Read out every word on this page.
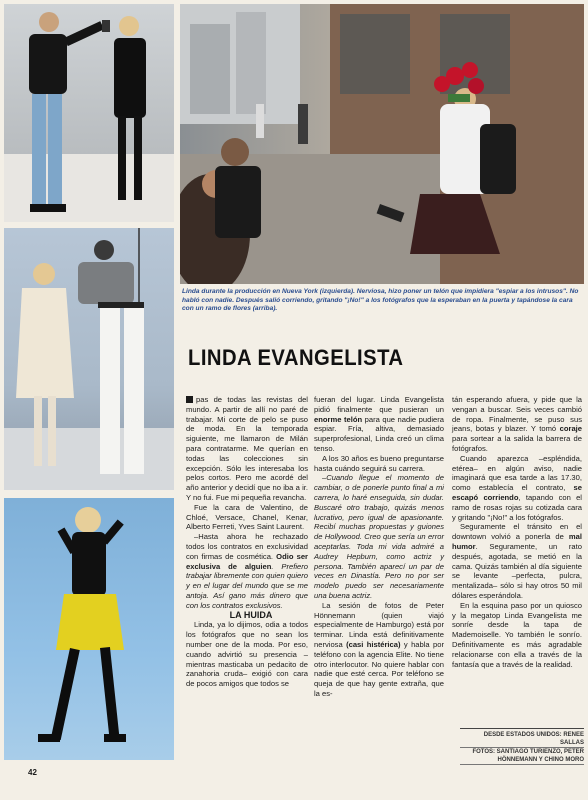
Linda durante la producción en Nueva York (izquierda). Nerviosa, hizo poner un telón que impidiera "espiar a los intrusos". No habló con nadie. Después salió corriendo, gritando "¡No!" a los fotógrafos que la esperaban en la puerta y tapándose la cara con un ramo de flores (arriba).
LINDA EVANGELISTA

pas de todas las revistas del mundo. A partir de allí no paré de trabajar. Mi corte de pelo se puso de moda. En la temporada siguiente, me llamaron de Milán para contratarme. Me querían en todas las colecciones sin excepción. Sólo les interesaba los pelos cortos. Pero me acordé del año anterior y decidí que no iba a ir. Y no fui. Fue mi pequeña revancha.

Fue la cara de Valentino, de Chloé, Versace, Chanel, Kenar, Alberto Ferreti, Yves Saint Laurent.

–Hasta ahora he rechazado todos los contratos en exclusividad con firmas de cosmética. Odio ser exclusiva de alguien. Prefiero trabajar libremente con quien quiero y en el lugar del mundo que se me antoja. Así gano más dinero que con los contratos exclusivos.

LA HUIDA

Linda, ya lo dijimos, odia a todos los fotógrafos que no sean los number one de la moda. Por eso, cuando advirtió su presencia –mientras masticaba un pedacito de zanahoria cruda– exigió con cara de pocos amigos que todos se

fueran del lugar. Linda Evangelista pidió finalmente que pusieran un enorme telón para que nadie pudiera espiar. Fría, altiva, demasiado superprofesional, Linda creó un clima tenso.

A los 30 años es bueno preguntarse hasta cuándo seguirá su carrera.

–Cuando llegue el momento de cambiar, o de ponerle punto final a mi carrera, lo haré enseguida, sin dudar. Buscaré otro trabajo, quizás menos lucrativo, pero igual de apasionante. Recibí muchas propuestas y guiones de Hollywood. Creo que sería un error aceptarlas. Toda mi vida admiré a Audrey Hepburn, como actriz y persona. También aparecí un par de veces en Dinastía. Pero no por ser modelo puedo ser necesariamente una buena actriz.

La sesión de fotos de Peter Hönnemann (quien viajó especialmente de Hamburgo) está por terminar. Linda está definitivamente nerviosa (casi histérica) y habla por teléfono con la agencia Elite. No tiene otro interlocutor. No quiere hablar con nadie que esté cerca. Por teléfono se queja de que hay gente extraña, que la es-

tán esperando afuera, y pide que la vengan a buscar. Seis veces cambió de ropa. Finalmente, se puso sus jeans, botas y blazer. Y tomó coraje para sortear a la salida la barrera de fotógrafos.

Cuando aparezca –espléndida, etérea– en algún aviso, nadie imaginará que esa tarde a las 17.30, como establecía el contrato, se escapó corriendo, tapando con el ramo de rosas rojas su cotizada cara y gritando "¡No!" a los fotógrafos.

Seguramente el tránsito en el downtown volvió a ponerla de mal humor. Seguramente, un rato después, agotada, se metió en la cama. Quizás también al día siguiente se levante –perfecta, pulcra, mentalizada– sólo si hay otros 50 mil dólares esperándola.

En la esquina paso por un quiosco y la megatop Linda Evangelista me sonríe desde la tapa de Mademoiselle. Yo también le sonrío. Definitivamente es más agradable relacionarse con ella a través de la fantasía que a través de la realidad.

DESDE ESTADOS UNIDOS: RENEE SALLAS
FOTOS: SANTIAGO TURIENZO, PETER HÖNNEMANN Y CHINO MORO
42
